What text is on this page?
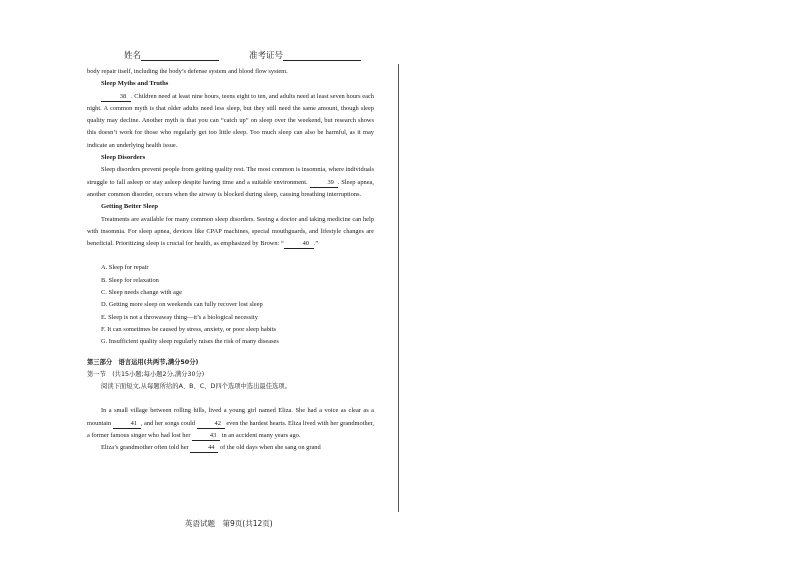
姓名	准考证号

body repair itself, including the body’s defense system and blood flow system.

Sleep Myths and Truths

38 . Children need at least nine hours, teens eight to ten, and adults need at least seven hours each night. A common myth is that older adults need less sleep, but they still need the same amount, though sleep quality may decline. Another myth is that you can “catch up” on sleep over the weekend, but research shows this doesn’t work for those who regularly get too little sleep. Too much sleep can also be harmful, as it may indicate an underlying health issue.

Sleep Disorders

Sleep disorders prevent people from getting quality rest. The most common is insomnia, where individuals struggle to fall asleep or stay asleep despite having time and a suitable environment.	39 . Sleep apnea, another common disorder, occurs when the airway is blocked during sleep, causing breathing interruptions.

Getting Better Sleep

Treatments are available for many common sleep disorders. Seeing a doctor and taking medicine can help with insomnia. For sleep apnea, devices like CPAP machines, special mouthguards, and lifestyle changes are beneficial. Prioritizing sleep is crucial for health, as emphasized by Brown: “	40 .”

A. Sleep for repair

B. Sleep for relaxation

C. Sleep needs change with age

D. Getting more sleep on weekends can fully recover lost sleep

E. Sleep is not a throwaway thing—it’s a biological necessity

F. It can sometimes be caused by stress, anxiety, or poor sleep habits

G. Insufficient quality sleep regularly raises the risk of many diseases

第三部分　语言运用(共两节,满分50分)

第一节　(共15小题;每小题2分,满分30分)

阅读下面短文,从每题所给的A、B、C、D四个选项中选出最佳选项。

In a small village between rolling hills, lived a young girl named Eliza. She had a voice as clear as a mountain	41 , and her songs could	42 even the hardest hearts. Eliza lived with her grandmother, a former famous singer who had lost her	43 in an accident many years ago.

Eliza’s grandmother often told her	44 of the old days when she sang on grand

英语试题　第9页(共12页)
